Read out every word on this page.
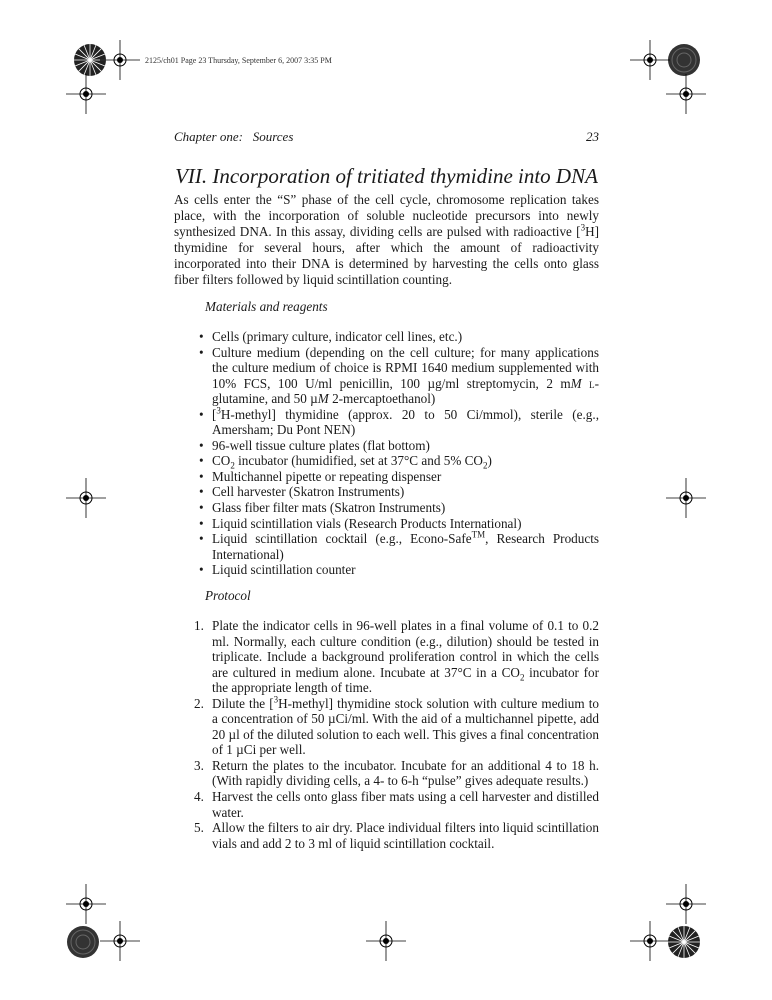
2125/ch01 Page 23 Thursday, September 6, 2007 3:35 PM
Chapter one:   Sources	23
VII. Incorporation of tritiated thymidine into DNA

As cells enter the “S” phase of the cell cycle, chromosome replication takes place, with the incorporation of soluble nucleotide precursors into newly synthesized DNA. In this assay, dividing cells are pulsed with radioactive [$^3$H] thymidine for several hours, after which the amount of radioactivity incorporated into their DNA is determined by harvesting the cells onto glass fiber filters followed by liquid scintillation counting.

Materials and reagents
• Cells (primary culture, indicator cell lines, etc.)
• Culture medium (depending on the cell culture; for many applications the culture medium of choice is RPMI 1640 medium supplemented with 10% FCS, 100 U/ml penicillin, 100 µg/ml streptomycin, 2 mM l-glutamine, and 50 µM 2-mercaptoethanol)
• [$^3$H-methyl] thymidine (approx. 20 to 50 Ci/mmol), sterile (e.g., Amersham; Du Pont NEN)
• 96-well tissue culture plates (flat bottom)
• $CO_2$ incubator (humidified, set at 37°C and 5% $CO_2$)
• Multichannel pipette or repeating dispenser
• Cell harvester (Skatron Instruments)
• Glass fiber filter mats (Skatron Instruments)
• Liquid scintillation vials (Research Products International)
• Liquid scintillation cocktail (e.g., Econo-Safe™, Research Products International)
• Liquid scintillation counter
Protocol
1. Plate the indicator cells in 96-well plates in a final volume of 0.1 to 0.2 ml. Normally, each culture condition (e.g., dilution) should be tested in triplicate. Include a background proliferation control in which the cells are cultured in medium alone. Incubate at 37°C in a $CO_2$ incubator for the appropriate length of time.
2. Dilute the [$^3$H-methyl] thymidine stock solution with culture medium to a concentration of 50 µCi/ml. With the aid of a multichannel pipette, add 20 µl of the diluted solution to each well. This gives a final concentration of 1 µCi per well.
3. Return the plates to the incubator. Incubate for an additional 4 to 18 h. (With rapidly dividing cells, a 4- to 6-h “pulse” gives adequate results.)
4. Harvest the cells onto glass fiber mats using a cell harvester and distilled water.
5. Allow the filters to air dry. Place individual filters into liquid scintillation vials and add 2 to 3 ml of liquid scintillation cocktail.
